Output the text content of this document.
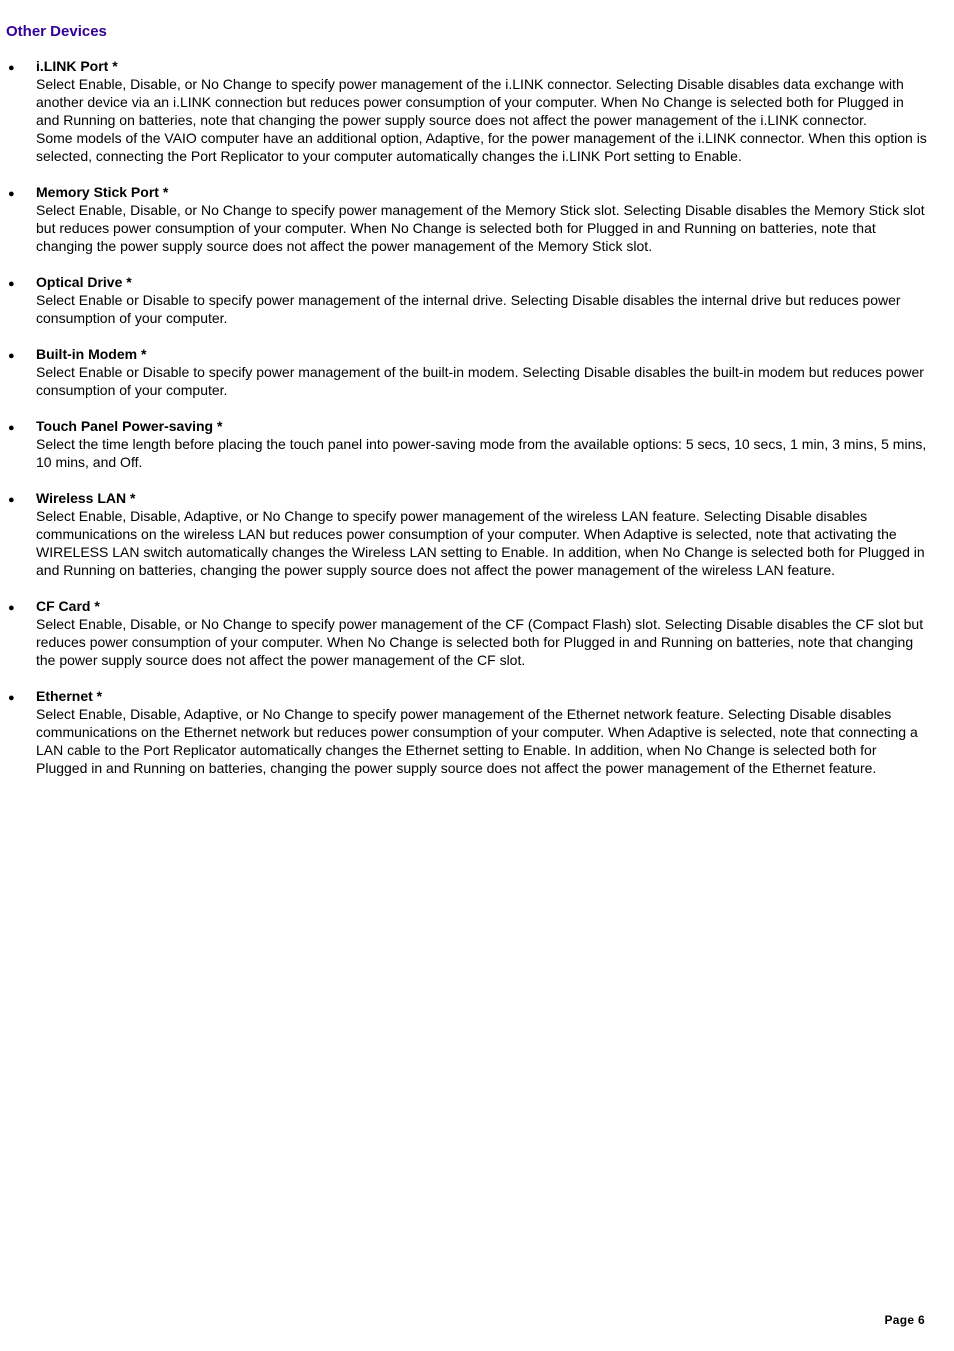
Other Devices
● i.LINK Port *
Select Enable, Disable, or No Change to specify power management of the i.LINK connector. Selecting Disable disables data exchange with another device via an i.LINK connection but reduces power consumption of your computer. When No Change is selected both for Plugged in and Running on batteries, note that changing the power supply source does not affect the power management of the i.LINK connector.
Some models of the VAIO computer have an additional option, Adaptive, for the power management of the i.LINK connector. When this option is selected, connecting the Port Replicator to your computer automatically changes the i.LINK Port setting to Enable.
● Memory Stick Port *
Select Enable, Disable, or No Change to specify power management of the Memory Stick slot. Selecting Disable disables the Memory Stick slot but reduces power consumption of your computer. When No Change is selected both for Plugged in and Running on batteries, note that changing the power supply source does not affect the power management of the Memory Stick slot.
● Optical Drive *
Select Enable or Disable to specify power management of the internal drive. Selecting Disable disables the internal drive but reduces power consumption of your computer.
● Built-in Modem *
Select Enable or Disable to specify power management of the built-in modem. Selecting Disable disables the built-in modem but reduces power consumption of your computer.
● Touch Panel Power-saving *
Select the time length before placing the touch panel into power-saving mode from the available options: 5 secs, 10 secs, 1 min, 3 mins, 5 mins, 10 mins, and Off.
● Wireless LAN *
Select Enable, Disable, Adaptive, or No Change to specify power management of the wireless LAN feature. Selecting Disable disables communications on the wireless LAN but reduces power consumption of your computer. When Adaptive is selected, note that activating the WIRELESS LAN switch automatically changes the Wireless LAN setting to Enable. In addition, when No Change is selected both for Plugged in and Running on batteries, changing the power supply source does not affect the power management of the wireless LAN feature.
● CF Card *
Select Enable, Disable, or No Change to specify power management of the CF (Compact Flash) slot. Selecting Disable disables the CF slot but reduces power consumption of your computer. When No Change is selected both for Plugged in and Running on batteries, note that changing the power supply source does not affect the power management of the CF slot.
● Ethernet *
Select Enable, Disable, Adaptive, or No Change to specify power management of the Ethernet network feature. Selecting Disable disables communications on the Ethernet network but reduces power consumption of your computer. When Adaptive is selected, note that connecting a LAN cable to the Port Replicator automatically changes the Ethernet setting to Enable. In addition, when No Change is selected both for Plugged in and Running on batteries, changing the power supply source does not affect the power management of the Ethernet feature.
Page 6
